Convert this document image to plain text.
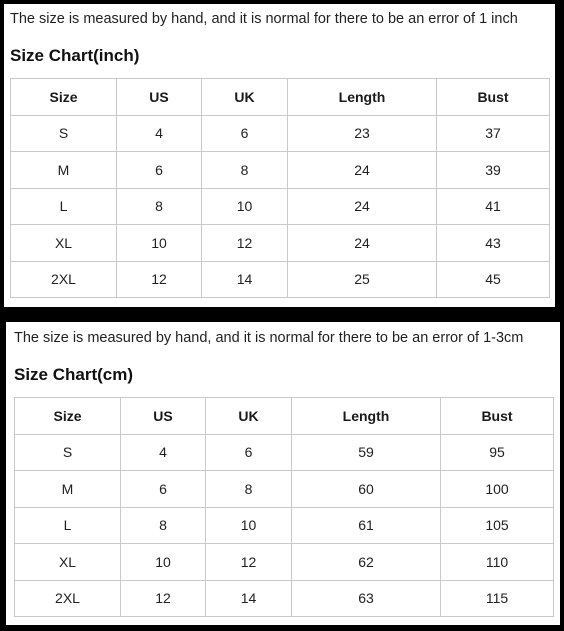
The size is measured by hand, and it is normal for there to be an error of 1 inch
Size Chart(inch)
Size	US	UK	Length	Bust
S	4	6	23	37
M	6	8	24	39
L	8	10	24	41
XL	10	12	24	43
2XL	12	14	25	45
The size is measured by hand, and it is normal for there to be an error of 1-3cm
Size Chart(cm)
Size	US	UK	Length	Bust
S	4	6	59	95
M	6	8	60	100
L	8	10	61	105
XL	10	12	62	110
2XL	12	14	63	115
